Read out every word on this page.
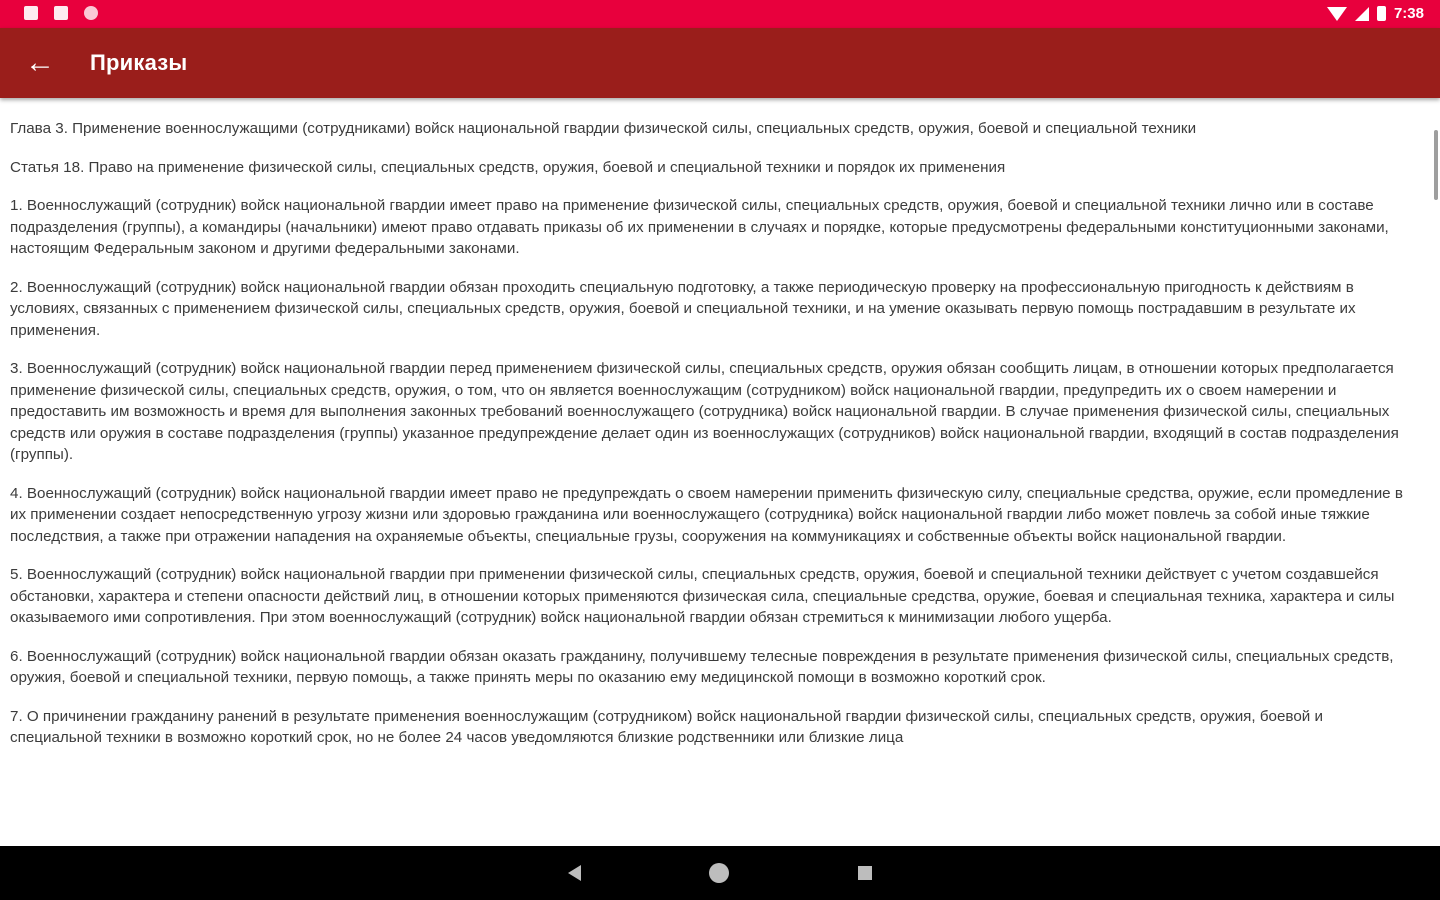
7:38
← Приказы

Глава 3. Применение военнослужащими (сотрудниками) войск национальной гвардии физической силы, специальных средств, оружия, боевой и специальной техники

Статья 18. Право на применение физической силы, специальных средств, оружия, боевой и специальной техники и порядок их применения

1. Военнослужащий (сотрудник) войск национальной гвардии имеет право на применение физической силы, специальных средств, оружия, боевой и специальной техники лично или в составе подразделения (группы), а командиры (начальники) имеют право отдавать приказы об их применении в случаях и порядке, которые предусмотрены федеральными конституционными законами, настоящим Федеральным законом и другими федеральными законами.

2. Военнослужащий (сотрудник) войск национальной гвардии обязан проходить специальную подготовку, а также периодическую проверку на профессиональную пригодность к действиям в условиях, связанных с применением физической силы, специальных средств, оружия, боевой и специальной техники, и на умение оказывать первую помощь пострадавшим в результате их применения.

3. Военнослужащий (сотрудник) войск национальной гвардии перед применением физической силы, специальных средств, оружия обязан сообщить лицам, в отношении которых предполагается применение физической силы, специальных средств, оружия, о том, что он является военнослужащим (сотрудником) войск национальной гвардии, предупредить их о своем намерении и предоставить им возможность и время для выполнения законных требований военнослужащего (сотрудника) войск национальной гвардии. В случае применения физической силы, специальных средств или оружия в составе подразделения (группы) указанное предупреждение делает один из военнослужащих (сотрудников) войск национальной гвардии, входящий в состав подразделения (группы).

4. Военнослужащий (сотрудник) войск национальной гвардии имеет право не предупреждать о своем намерении применить физическую силу, специальные средства, оружие, если промедление в их применении создает непосредственную угрозу жизни или здоровью гражданина или военнослужащего (сотрудника) войск национальной гвардии либо может повлечь за собой иные тяжкие последствия, а также при отражении нападения на охраняемые объекты, специальные грузы, сооружения на коммуникациях и собственные объекты войск национальной гвардии.

5. Военнослужащий (сотрудник) войск национальной гвардии при применении физической силы, специальных средств, оружия, боевой и специальной техники действует с учетом создавшейся обстановки, характера и степени опасности действий лиц, в отношении которых применяются физическая сила, специальные средства, оружие, боевая и специальная техника, характера и силы оказываемого ими сопротивления. При этом военнослужащий (сотрудник) войск национальной гвардии обязан стремиться к минимизации любого ущерба.

6. Военнослужащий (сотрудник) войск национальной гвардии обязан оказать гражданину, получившему телесные повреждения в результате применения физической силы, специальных средств, оружия, боевой и специальной техники, первую помощь, а также принять меры по оказанию ему медицинской помощи в возможно короткий срок.

7. О причинении гражданину ранений в результате применения военнослужащим (сотрудником) войск национальной гвардии физической силы, специальных средств, оружия, боевой и специальной техники в возможно короткий срок, но не более 24 часов уведомляются близкие родственники или близкие лица
